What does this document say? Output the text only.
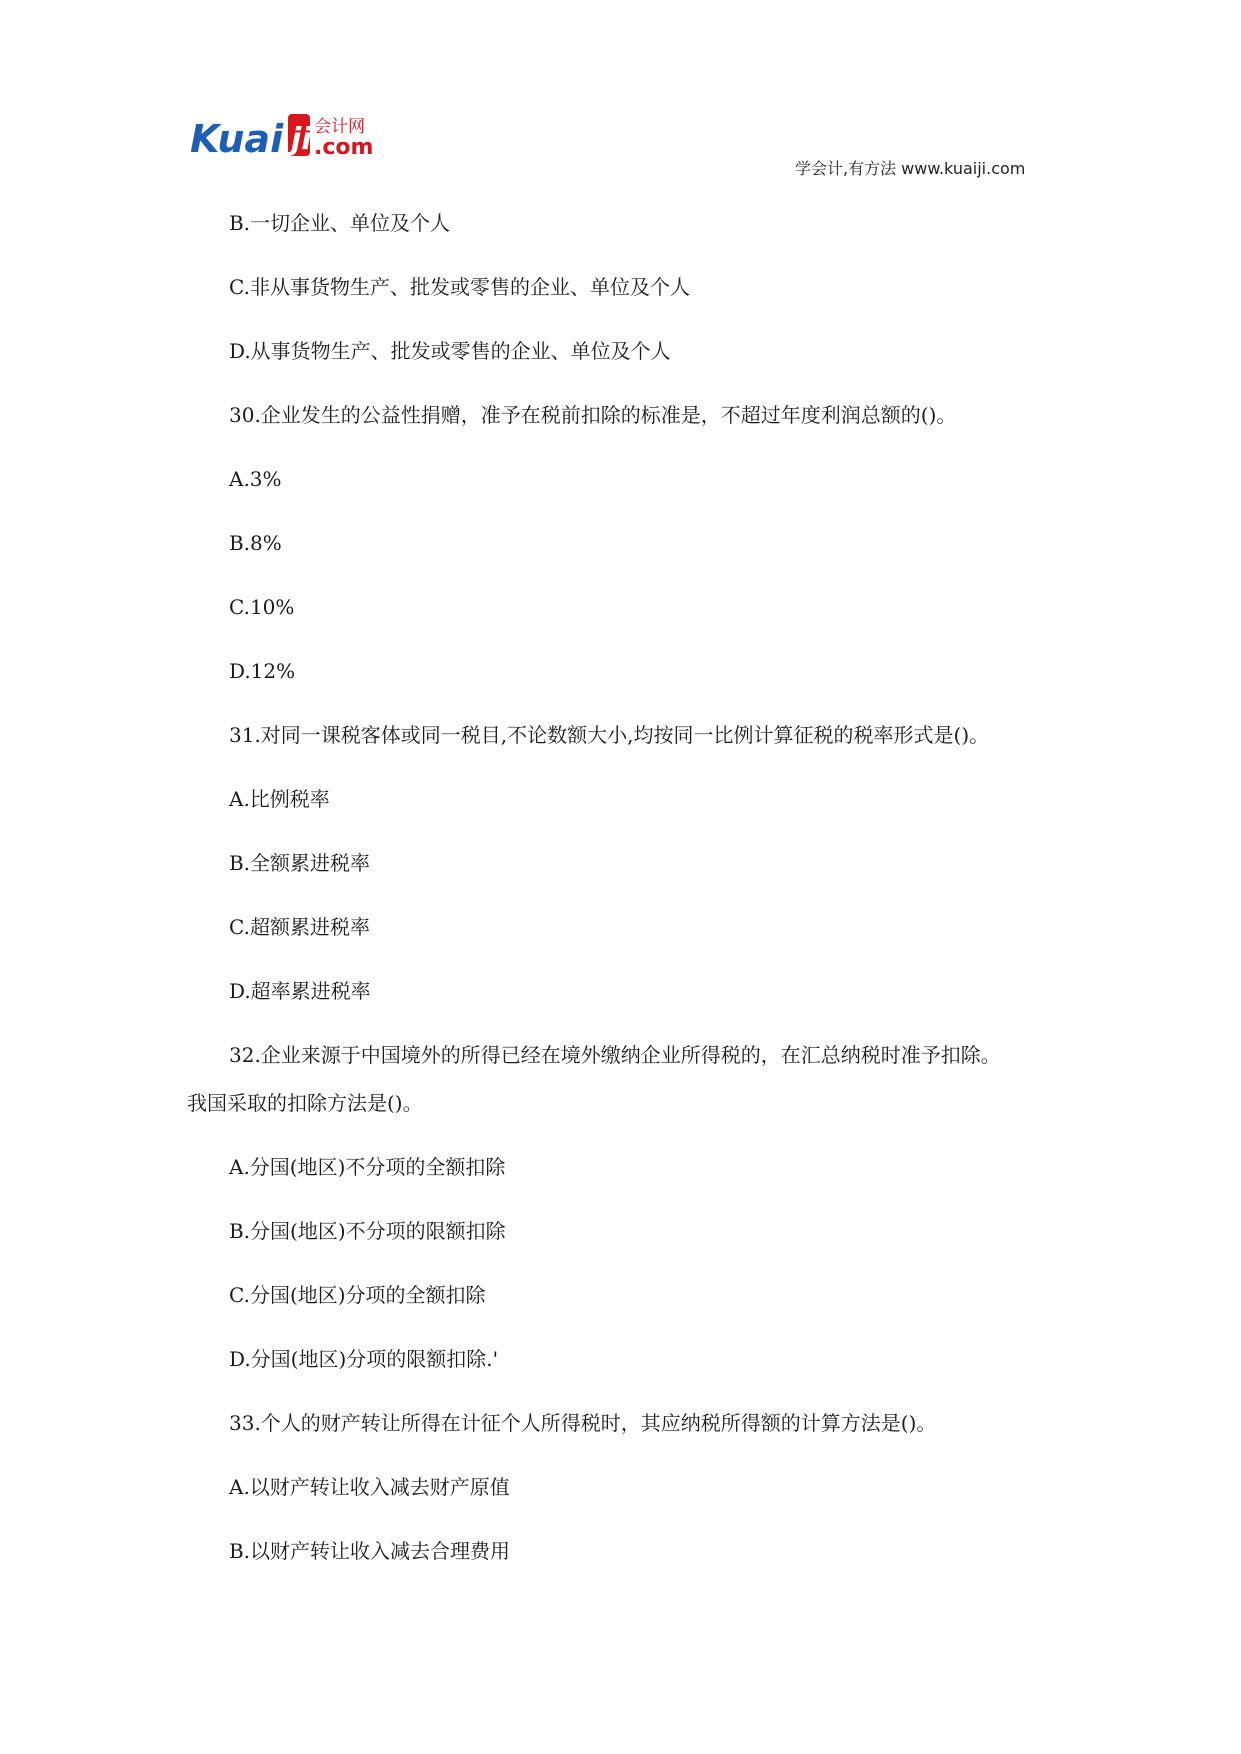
Kuai ji 会计网
.com
学会计,有方法 www.kuaiji.com
B.一切企业、单位及个人
C.非从事货物生产、批发或零售的企业、单位及个人
D.从事货物生产、批发或零售的企业、单位及个人
30.企业发生的公益性捐赠，准予在税前扣除的标准是，不超过年度利润总额的()。
A.3%
B.8%
C.10%
D.12%
31.对同一课税客体或同一税目,不论数额大小,均按同一比例计算征税的税率形式是()。
A.比例税率
B.全额累进税率
C.超额累进税率
D.超率累进税率
32.企业来源于中国境外的所得已经在境外缴纳企业所得税的，在汇总纳税时准予扣除。
我国采取的扣除方法是()。
A.分国(地区)不分项的全额扣除
B.分国(地区)不分项的限额扣除
C.分国(地区)分项的全额扣除
D.分国(地区)分项的限额扣除.'
33.个人的财产转让所得在计征个人所得税时，其应纳税所得额的计算方法是()。
A.以财产转让收入减去财产原值
B.以财产转让收入减去合理费用
